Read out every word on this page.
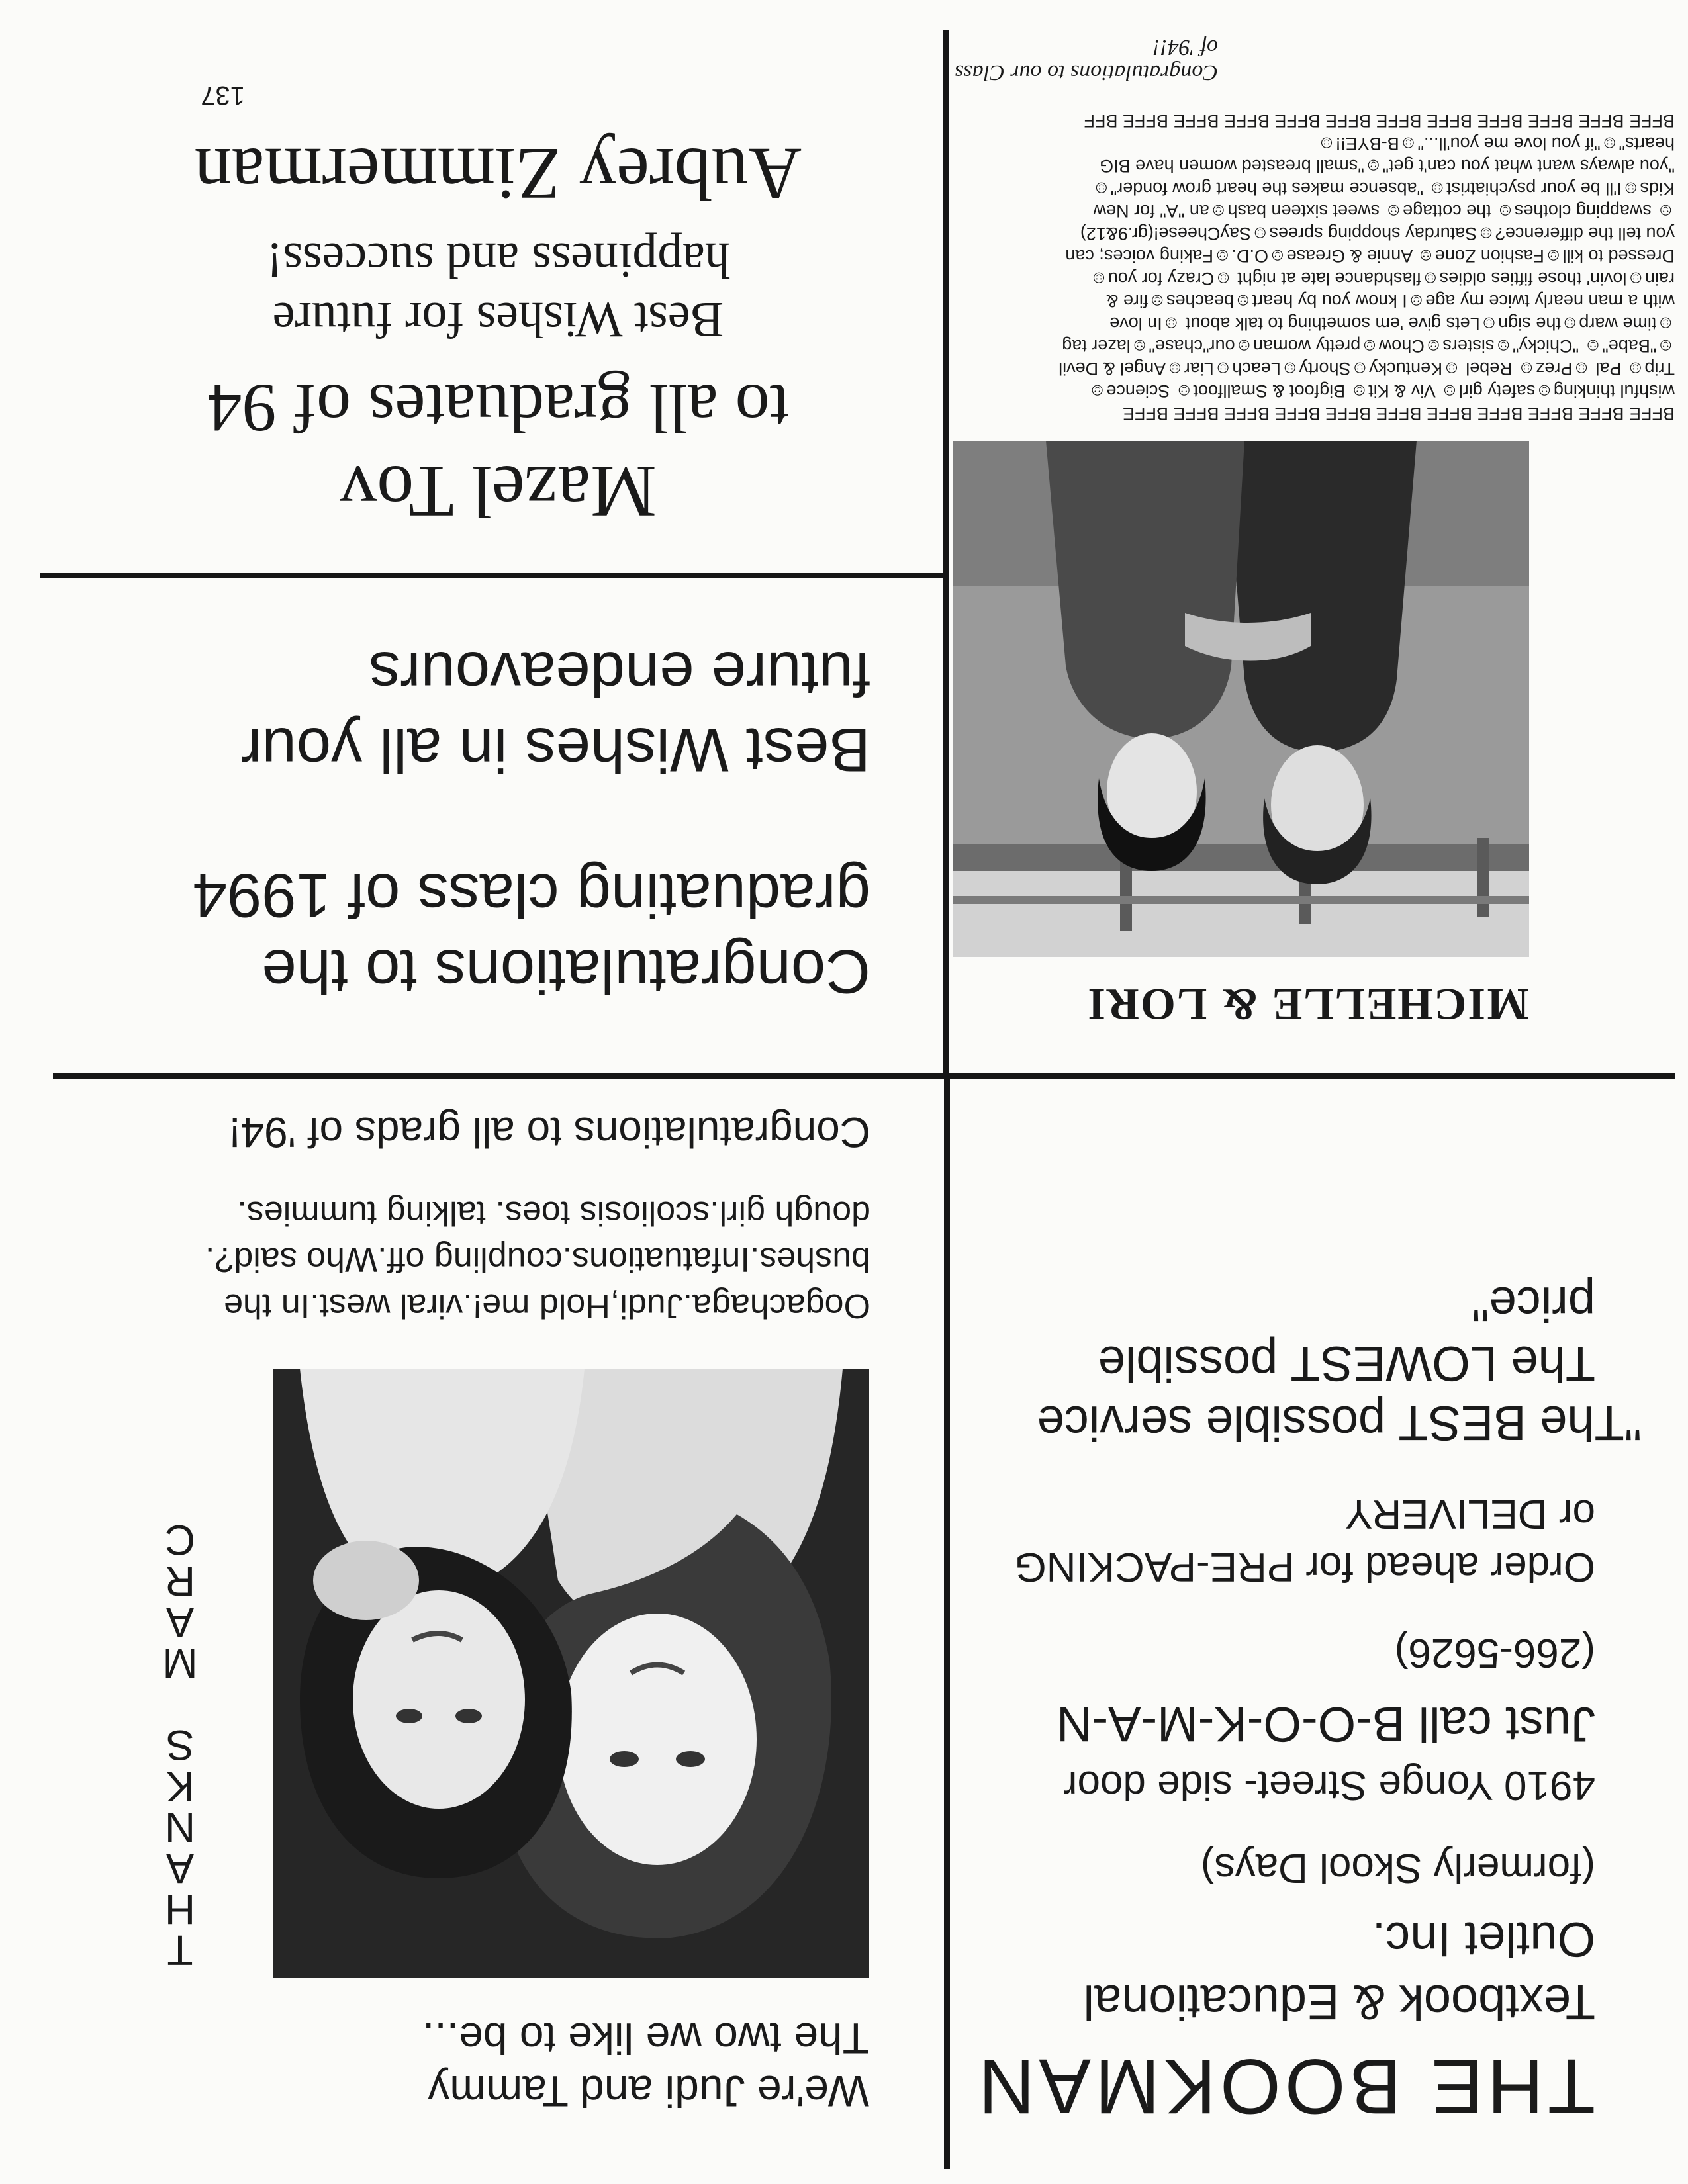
THE BOOKMAN
Textbook & Educational
Outlet Inc.
(formerly Skool Days)
4910 Yonge Street- side door
Just call B-O-O-K-M-A-N
(266-5626)
Order ahead for PRE-PACKING
or DELIVERY
"The BEST possible service
The LOWEST possible
price"
We're Judi and Tammy
The two we like to be...
T
H
A
N
K
S
M
A
R
C
Oogachaga.Judi,Hold me!.viral west.In the
bushes.Infatuations.coupling off.Who said?.
dough girl.scoliosis toes. talking tummies.
Congratulations to all grads of '94!
MICHELLE & LORI

BFFE BFFE BFFE BFFE BFFE BFFE BFFE BFFE BFFE BFFE BFFE

wishful thinking☺safety girl☺ Viv & Kit☺ Bigfoot & Smallfoot☺ Science☺

Trip☺ Pal ☺Prez☺ Rebel ☺Kentucky☺Shorty☺Leach☺Liar☺Angel & Devil

☺"Babe"☺ "Chicky"☺sisters☺Chow☺pretty woman☺our"chase"☺lazer tag

☺time warp☺the sign☺Lets give 'em something to talk about ☺In love

with a man nearly twice my age☺I know you by heart☺beaches☺fire &

rain☺lovin' those fifties oldies☺flashdance late at night ☺Crazy for you☺

Dressed to kill☺Fashion Zone☺ Annie & Grease☺O.D.☺Faking voices; can

you tell the difference?☺Saturday shopping sprees☺SayCheese!(gr.9&12)

☺ swapping clothes☺ the cottage☺ sweet sixteen bash☺an "A" for New

Kids☺I'll be your psychiatrist☺ "absence makes the heart grow fonder"☺

"you always want what you can't get"☺"small breasted women have BIG

hearts"☺"if you love me you'll..."☺B-BYE!!☺

BFFE BFFE BFFE BFFE BFFE BFFE BFFE BFFE BFFE BFFE BFFE BFF

Congratulations to our Class of '94!!
Congratulations to the
graduating class of 1994
Best Wishes in all your
future endeavours
Mazel Tov
to all graduates of 94
Best Wishes for future
happiness and success!
Aubrey Zimmerman
137
